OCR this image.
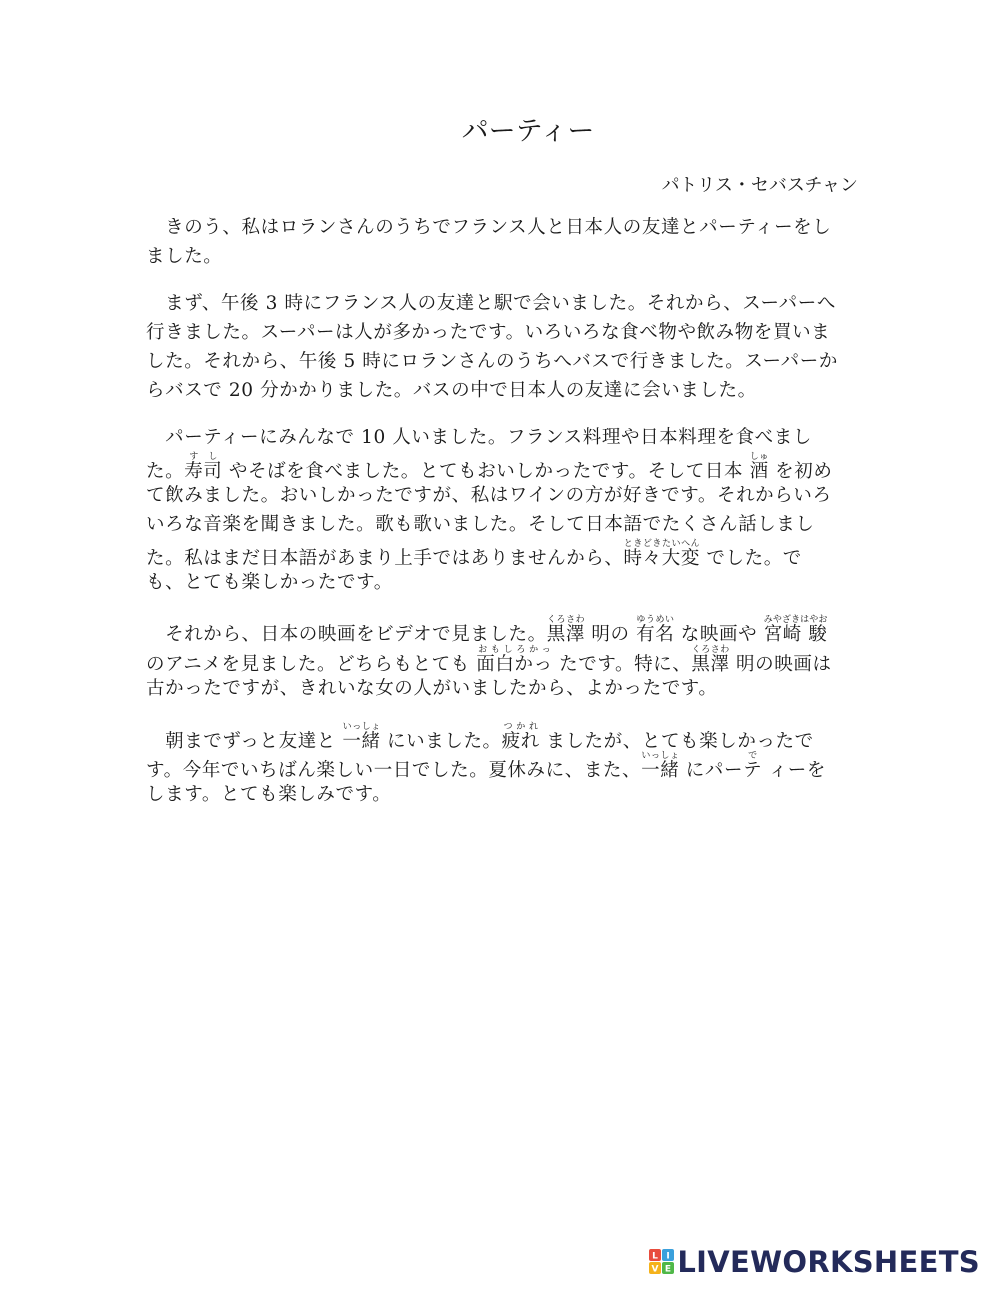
パーティー

パトリス・セバスチャン

　きのう、私はロランさんのうちでフランス人と日本人の友達とパーティーをし
ました。
　まず、午後 3 時にフランス人の友達と駅で会いました。それから、スーパーへ
行きました。スーパーは人が多かったです。いろいろな食べ物や飲み物を買いま
した。それから、午後 5 時にロランさんのうちへバスで行きました。スーパーか
らバスで 20 分かかりました。バスの中で日本人の友達に会いました。
　パーティーにみんなで 10 人いました。フランス料理や日本料理を食べまし
た。寿司すし やそばを食べました。とてもおいしかったです。そして日本 酒しゅ を初め
て飲みました。おいしかったですが、私はワインの方が好きです。それからいろ
いろな音楽を聞きました。歌も歌いました。そして日本語でたくさん話しまし
た。私はまだ日本語があまり上手ではありませんから、時々大変ときどきたいへん でした。で
も、とても楽しかったです。
　それから、日本の映画をビデオで見ました。黒澤くろさわ 明の 有名ゆうめい な映画や 宮崎 駿みやざきはやお
のアニメを見ました。どちらもとても 面白かっおもしろかっ たです。特に、黒澤くろさわ 明の映画は
古かったですが、きれいな女の人がいましたから、よかったです。
　朝までずっと友達と 一緒いっしょ にいました。疲れつかれ ましたが、とても楽しかったで
す。今年でいちばん楽しい一日でした。夏休みに、また、一緒いっしょ にパーテで ィーを
します。とても楽しみです。
L I
V E LIVEWORKSHEETS
